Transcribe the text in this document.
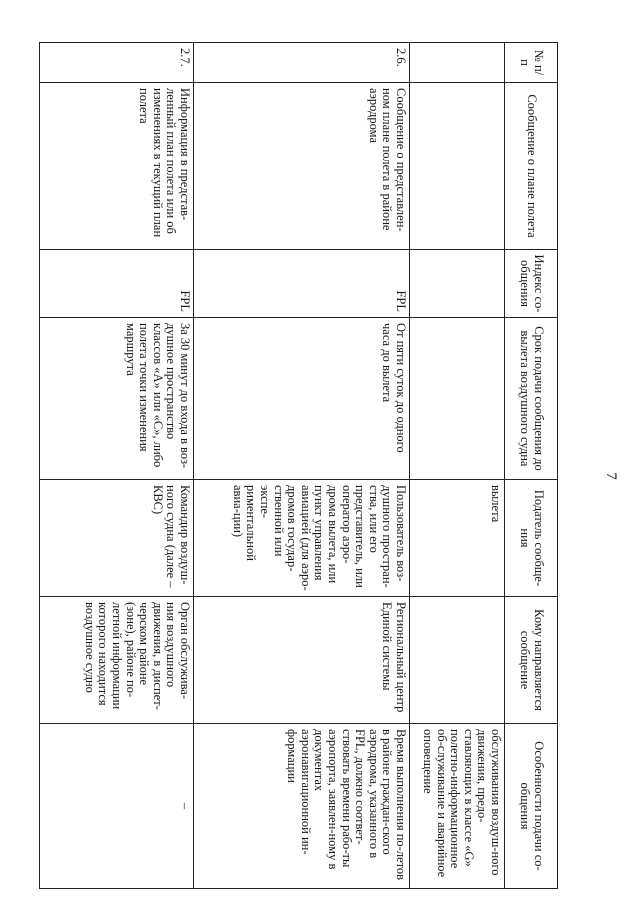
7
№ п/п	Сообщение о плане полета	Индекс со-общения	Срок подачи сообщения до вылета воздушного судна	Податель сообще-ния	Кому направляется сообщение	Особенности подачи со-общения
				вылета		обслуживания воздуш-ного движения, предо-ставляющих в классе «G» полетно-информационное об-служивание и аварийное оповещение
2.6.	Сообщение о представлен-ном плане полета в районе аэродрома	FPL	От пяти суток до одного часа до вылета	Пользователь воз-душного простран-ства, или его представитель, или оператор аэро-дрома вылета, или пункт управления авиацией (для аэро-дромов государ-ственной или экспе-риментальной авиа-ции)	Региональный центр Единой системы	Время выполнения по-летов в районе граждан-ского аэродрома, указанного в FPL, должно соответ-ствовать времени рабо-ты аэропорта, заявлен-ному в документах аэронавигационной ин-формации
2.7.	Информация в представ-ленный план полета или об изменениях в текущий план полета	FPL	За 30 минут до входа в воз-душное пространство классов «А» или «С», либо полета точки изменения маршрута	Командир воздуш-ного судна (далее – КВС)	Орган обслужива-ния воздушного движения, в диспет-черском районе (зоне), районе по-летной информации которого находится воздушное судно	–
